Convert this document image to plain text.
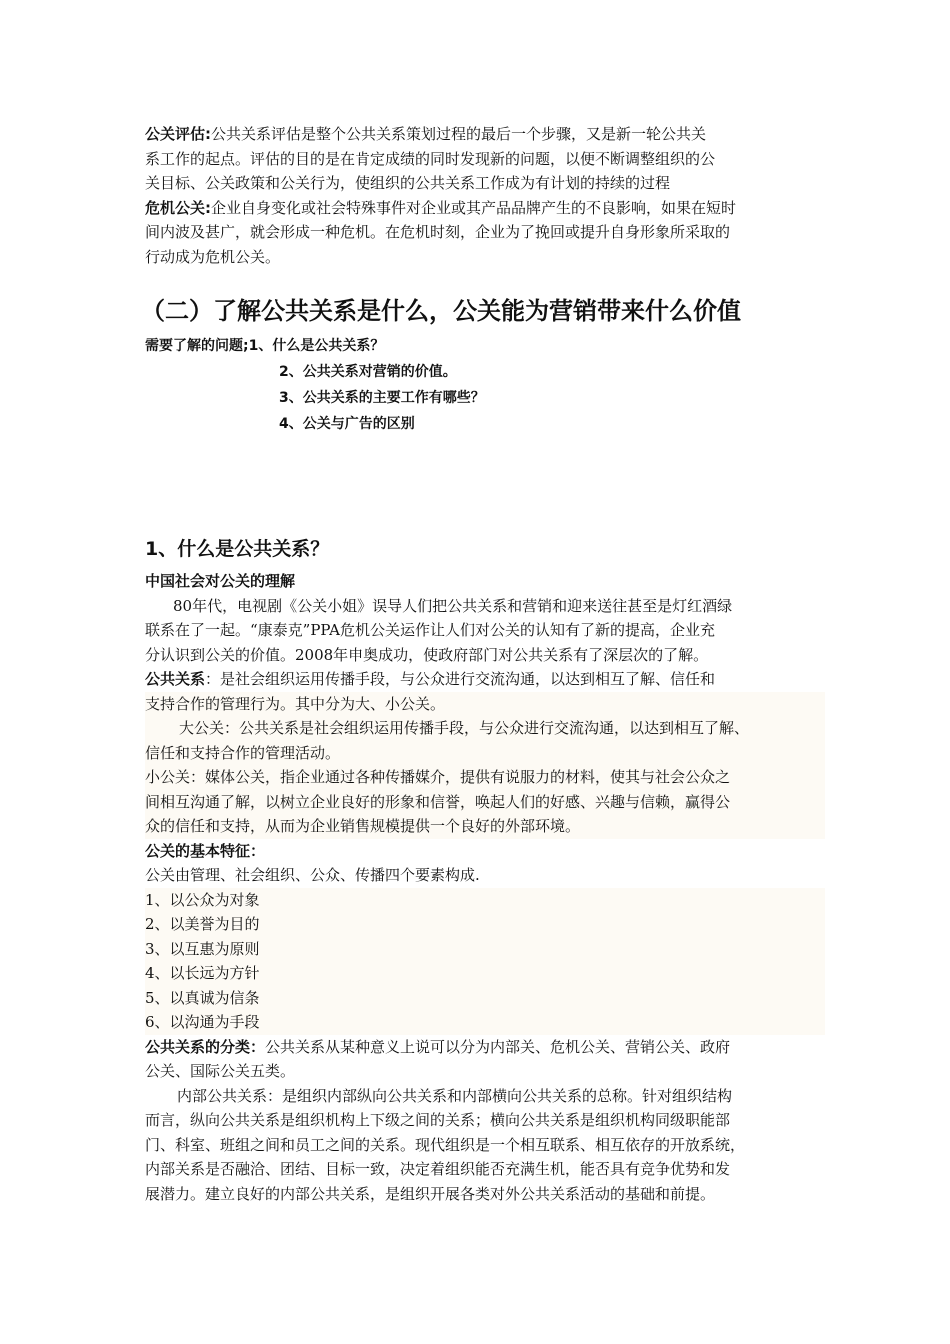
公关评估:公共关系评估是整个公共关系策划过程的最后一个步骤，又是新一轮公共关
系工作的起点。评估的目的是在肯定成绩的同时发现新的问题，以便不断调整组织的公
关目标、公关政策和公关行为，使组织的公共关系工作成为有计划的持续的过程
危机公关:企业自身变化或社会特殊事件对企业或其产品品牌产生的不良影响，如果在短时
间内波及甚广，就会形成一种危机。在危机时刻，企业为了挽回或提升自身形象所采取的
行动成为危机公关。
（二）了解公共关系是什么，公关能为营销带来什么价值
需要了解的问题;1、什么是公共关系？
2、公共关系对营销的价值。
3、公共关系的主要工作有哪些？
4、公关与广告的区别
1、什么是公共关系？
中国社会对公关的理解
80年代，电视剧《公关小姐》误导人们把公共关系和营销和迎来送往甚至是灯红酒绿
联系在了一起。“康泰克”PPA危机公关运作让人们对公关的认知有了新的提高，企业充
分认识到公关的价值。2008年申奥成功，使政府部门对公共关系有了深层次的了解。
公共关系：是社会组织运用传播手段，与公众进行交流沟通，以达到相互了解、信任和
支持合作的管理行为。其中分为大、小公关。
大公关：公共关系是社会组织运用传播手段，与公众进行交流沟通，以达到相互了解、
信任和支持合作的管理活动。
小公关：媒体公关，指企业通过各种传播媒介，提供有说服力的材料，使其与社会公众之
间相互沟通了解，以树立企业良好的形象和信誉，唤起人们的好感、兴趣与信赖，赢得公
众的信任和支持，从而为企业销售规模提供一个良好的外部环境。
公关的基本特征：
公关由管理、社会组织、公众、传播四个要素构成.
1、以公众为对象
2、以美誉为目的
3、以互惠为原则
4、以长远为方针
5、以真诚为信条
6、以沟通为手段
公共关系的分类：公共关系从某种意义上说可以分为内部关、危机公关、营销公关、政府
公关、国际公关五类。
内部公共关系：是组织内部纵向公共关系和内部横向公共关系的总称。针对组织结构
而言，纵向公共关系是组织机构上下级之间的关系；横向公共关系是组织机构同级职能部
门、科室、班组之间和员工之间的关系。现代组织是一个相互联系、相互依存的开放系统，
内部关系是否融洽、团结、目标一致，决定着组织能否充满生机，能否具有竞争优势和发
展潜力。建立良好的内部公共关系，是组织开展各类对外公共关系活动的基础和前提。
